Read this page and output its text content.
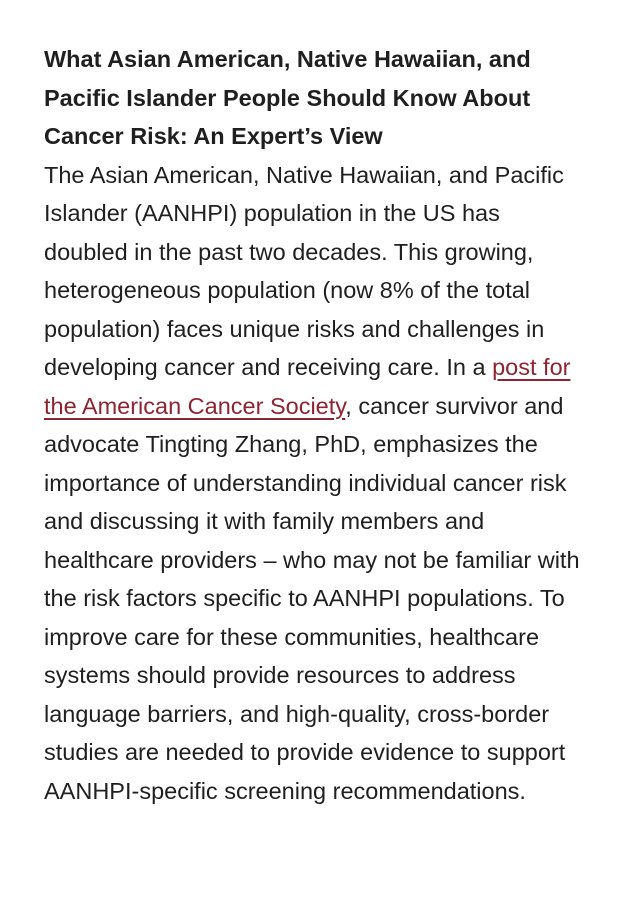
What Asian American, Native Hawaiian, and Pacific Islander People Should Know About Cancer Risk: An Expert’s View

The Asian American, Native Hawaiian, and Pacific Islander (AANHPI) population in the US has doubled in the past two decades. This growing, heterogeneous population (now 8% of the total population) faces unique risks and challenges in developing cancer and receiving care. In a post for the American Cancer Society, cancer survivor and advocate Tingting Zhang, PhD, emphasizes the importance of understanding individual cancer risk and discussing it with family members and healthcare providers – who may not be familiar with the risk factors specific to AANHPI populations. To improve care for these communities, healthcare systems should provide resources to address language barriers, and high-quality, cross-border studies are needed to provide evidence to support AANHPI-specific screening recommendations.
